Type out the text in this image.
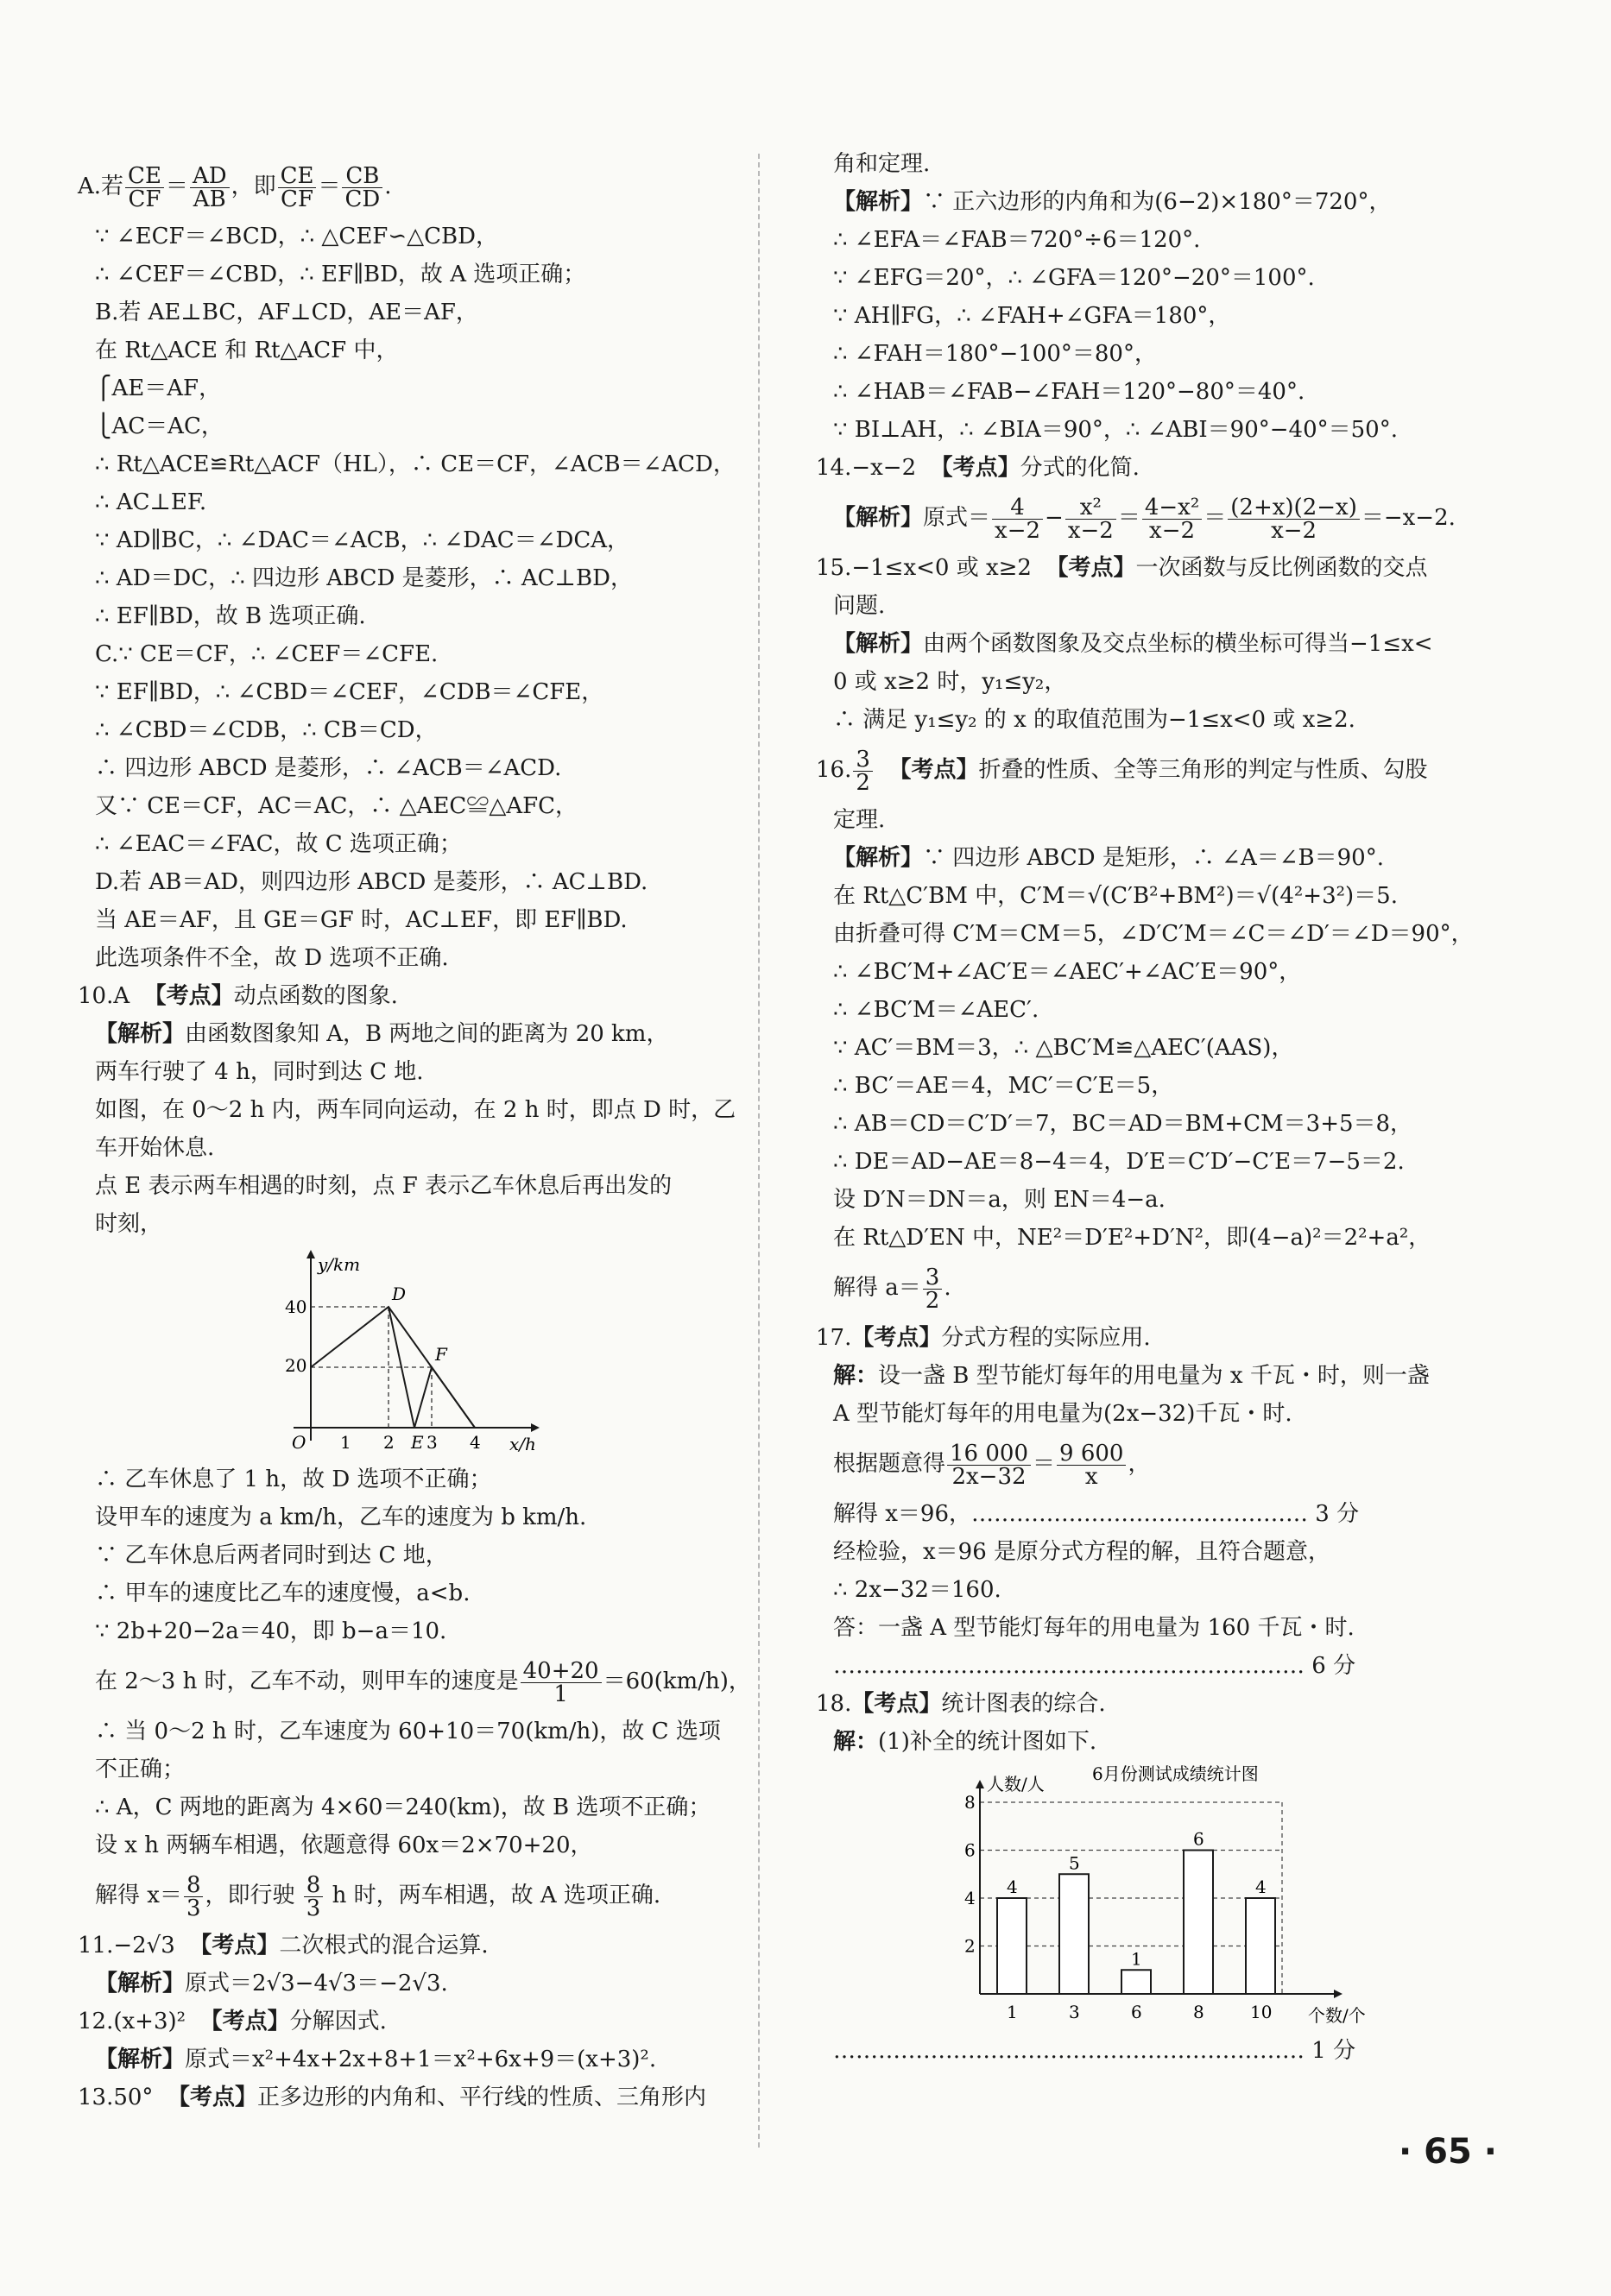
A.若 $\frac{CE}{CF} = \frac{AD}{AB}$ ，即 $\frac{CE}{CF} = \frac{CB}{CD}$ .
∵ ∠ECF＝∠BCD，∴ △CEF∽△CBD，
∴ ∠CEF＝∠CBD，∴ EF∥BD，故 A 选项正确；
B.若 AE⊥BC，AF⊥CD，AE＝AF，
在 Rt△ACE 和 Rt△ACF 中，
⎧AE＝AF，
⎩AC＝AC，
∴ Rt△ACE≌Rt△ACF（HL），∴ CE＝CF，∠ACB＝∠ACD，
∴ AC⊥EF.
∵ AD∥BC，∴ ∠DAC＝∠ACB，∴ ∠DAC＝∠DCA，
∴ AD＝DC，∴ 四边形 ABCD 是菱形，∴ AC⊥BD，
∴ EF∥BD，故 B 选项正确.
C.∵ CE＝CF，∴ ∠CEF＝∠CFE.
∵ EF∥BD，∴ ∠CBD＝∠CEF，∠CDB＝∠CFE，
∴ ∠CBD＝∠CDB，∴ CB＝CD，
∴ 四边形 ABCD 是菱形，∴ ∠ACB＝∠ACD.
又∵ CE＝CF，AC＝AC，∴ △AEC≌△AFC，
∴ ∠EAC＝∠FAC，故 C 选项正确；
D.若 AB＝AD，则四边形 ABCD 是菱形，∴ AC⊥BD.
当 AE＝AF，且 GE＝GF 时，AC⊥EF，即 EF∥BD.
此选项条件不全，故 D 选项不正确.
10.A 【考点】动点函数的图象.
【解析】由函数图象知 A，B 两地之间的距离为 20 km，
两车行驶了 4 h，同时到达 C 地.
如图，在 0～2 h 内，两车同向运动，在 2 h 时，即点 D 时，乙
车开始休息.
点 E 表示两车相遇的时刻，点 F 表示乙车休息后再出发的
时刻，
y/km
x/h
O
40
20
1 2 E 3 4
D
F
∴ 乙车休息了 1 h，故 D 选项不正确；
设甲车的速度为 a km/h，乙车的速度为 b km/h.
∵ 乙车休息后两者同时到达 C 地，
∴ 甲车的速度比乙车的速度慢，a<b.
∵ 2b+20−2a＝40，即 b−a＝10.
在 2～3 h 时，乙车不动，则甲车的速度是 $\frac{40+20}{1} =60(km/h)$，
∴ 当 0～2 h 时，乙车速度为 60+10＝70(km/h)，故 C 选项
不正确；
∴ A，C 两地的距离为 4×60＝240(km)，故 B 选项不正确；
设 x h 两辆车相遇，依题意得 60x＝2×70+20，
解得 $x= \frac{8}{3}$ ，即行驶 $\frac{8}{3}$ h 时，两车相遇，故 A 选项正确.
11.−2√3 【考点】二次根式的混合运算.
【解析】原式＝2√3−4√3＝−2√3.
12.(x+3)² 【考点】分解因式.
【解析】原式＝x²+4x+2x+8+1＝x²+6x+9＝(x+3)².
13.50° 【考点】正多边形的内角和、平行线的性质、三角形内
角和定理.
【解析】∵ 正六边形的内角和为(6−2)×180°＝720°，
∴ ∠EFA＝∠FAB＝720°÷6＝120°.
∵ ∠EFG＝20°，∴ ∠GFA＝120°−20°＝100°.
∵ AH∥FG，∴ ∠FAH+∠GFA＝180°，
∴ ∠FAH＝180°−100°＝80°，
∴ ∠HAB＝∠FAB−∠FAH＝120°−80°＝40°.
∵ BI⊥AH，∴ ∠BIA＝90°，∴ ∠ABI＝90°−40°＝50°.
14.−x−2 【考点】分式的化简.
【解析】原式＝ $\frac{4}{x-2} - \frac{\text{x²}}{x-2} = \frac{\text{4−x²}}{x-2} = \frac{(2+x)(2-x)}{x-2} =-x-2$.
15.−1≤x<0 或 x≥2 【考点】一次函数与反比例函数的交点
问题.
【解析】由两个函数图象及交点坐标的横坐标可得当−1≤x<
0 或 x≥2 时，y₁≤y₂，
∴ 满足 y₁≤y₂ 的 x 的取值范围为−1≤x<0 或 x≥2.
16. $\frac{3}{2}$ 【考点】折叠的性质、全等三角形的判定与性质、勾股
定理.
【解析】∵ 四边形 ABCD 是矩形，∴ ∠A＝∠B＝90°.
在 Rt△C′BM 中，C′M＝√(C′B²+BM²)＝√(4²+3²)＝5.
由折叠可得 C′M＝CM＝5，∠D′C′M＝∠C＝∠D′＝∠D＝90°，
∴ ∠BC′M+∠AC′E＝∠AEC′+∠AC′E＝90°，
∴ ∠BC′M＝∠AEC′.
∵ AC′＝BM＝3，∴ △BC′M≌△AEC′(AAS)，
∴ BC′＝AE＝4，MC′＝C′E＝5，
∴ AB＝CD＝C′D′＝7，BC＝AD＝BM+CM＝3+5＝8，
∴ DE＝AD−AE＝8−4＝4，D′E＝C′D′−C′E＝7−5＝2.
设 D′N＝DN＝a，则 EN＝4−a.
在 Rt△D′EN 中，NE²＝D′E²+D′N²，即(4−a)²＝2²+a²，
解得 $a= \frac{3}{2}$ .
17.【考点】分式方程的实际应用.
解：设一盏 B 型节能灯每年的用电量为 x 千瓦・时，则一盏
A 型节能灯每年的用电量为(2x−32)千瓦・时.
根据题意得 $\frac{16 000}{2x-32} = \frac{9 600}{x}$ ，
解得 x＝96，……………………………………… 3 分
经检验，x＝96 是原分式方程的解，且符合题意，
∴ 2x−32＝160.
答：一盏 A 型节能灯每年的用电量为 160 千瓦・时.
……………………………………………………… 6 分
18.【考点】统计图表的综合.
解：(1)补全的统计图如下.
6月份测试成绩统计图
2
4
6
8
人数/人
个数/个
4
1
5
3
1
6
6
8
4
10
……………………………………………………… 1 分
· 65 ·
